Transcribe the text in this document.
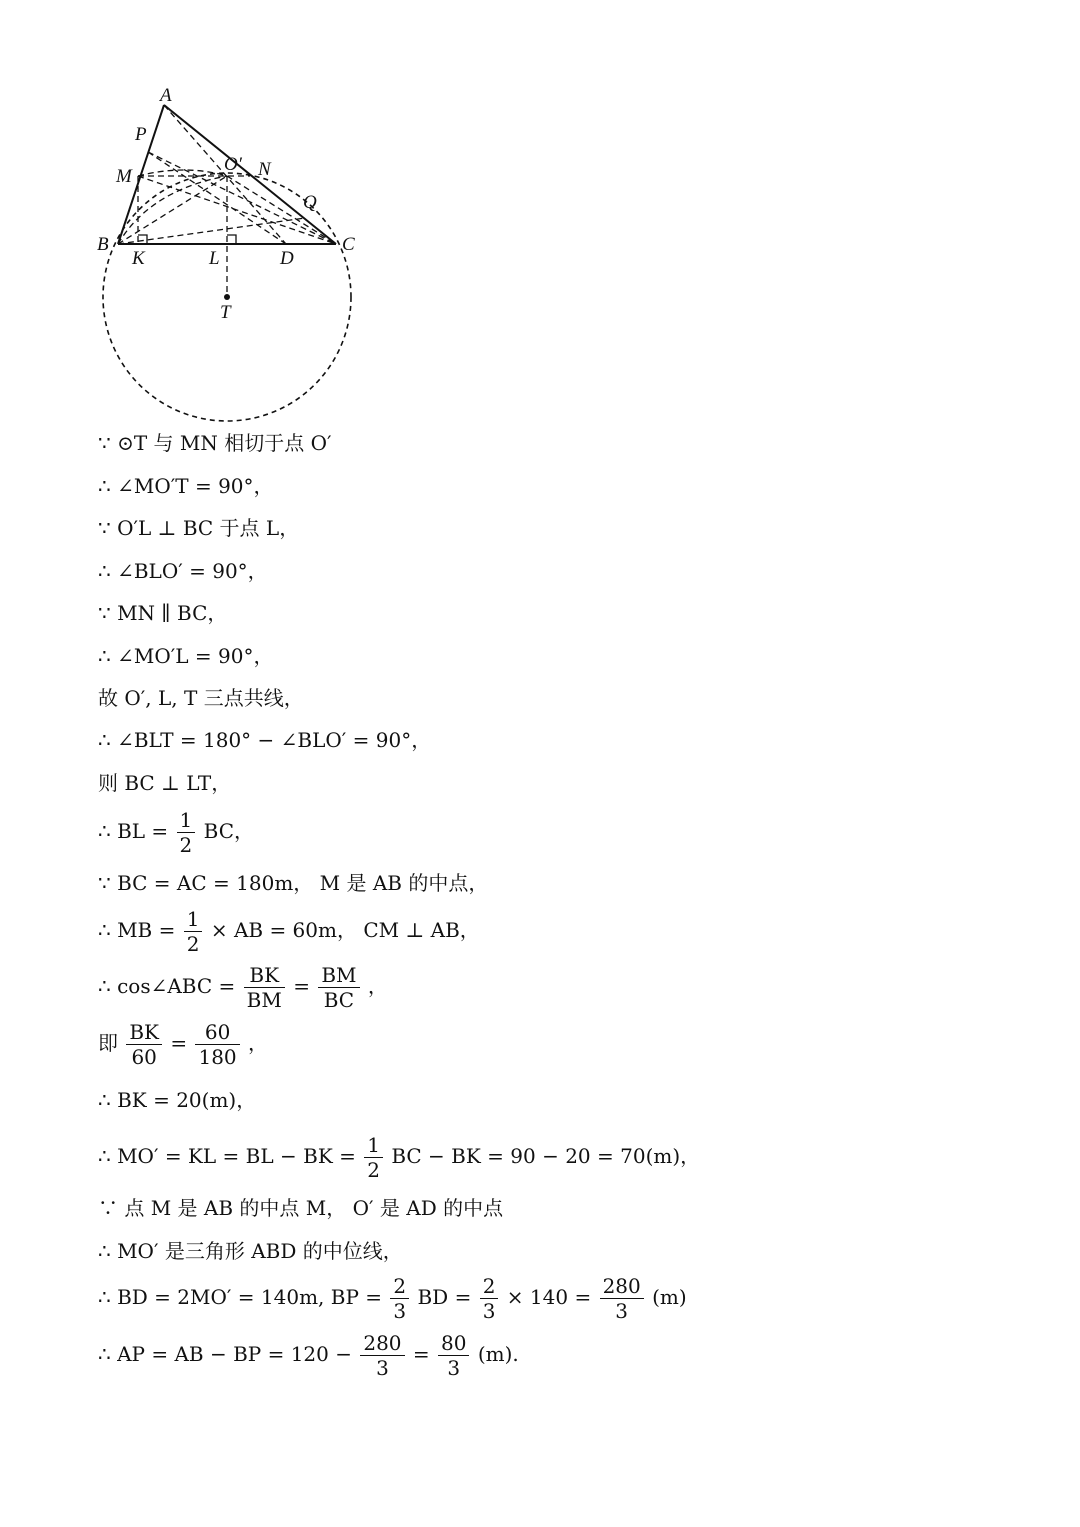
A
P
M
O′ N
Q
B	C
K	L	D
T
∵ ⊙T 与 MN 相切于点 O′
∴ ∠MO′T = 90°，
∵ O′L ⊥ BC 于点 L，
∴ ∠BLO′ = 90°，
∵ MN ∥ BC，
∴ ∠MO′L = 90°，
故 O′, L, T 三点共线，
∴ ∠BLT = 180° − ∠BLO′ = 90°，
则 BC ⊥ LT，
∴ BL = $\frac{1}{2}$ BC，
∵ BC = AC = 180m， M 是 AB 的中点，
∴ MB = $\frac{1}{2}$ × AB = 60m， CM ⊥ AB，
∴ cos∠ABC = $\frac{BK}{BM} = \frac{BM}{BC}$ ，
即 $\frac{BK}{60} = \frac{60}{180}$ ，
∴ BK = 20(m)，
∴ MO′ = KL = BL − BK = $\frac{1}{2}$ BC − BK = 90 − 20 = 70(m)，
∵ 点 M 是 AB 的中点 M， O′ 是 AD 的中点
∴ MO′ 是三角形 ABD 的中位线，
∴ BD = 2MO′ = 140m, BP = $\frac{2}{3}$ BD = $\frac{2}{3} \times 140 = \frac{280}{3} (m)$
∴ AP = AB − BP = $120 - \frac{280}{3} = \frac{80}{3} (m)$.
